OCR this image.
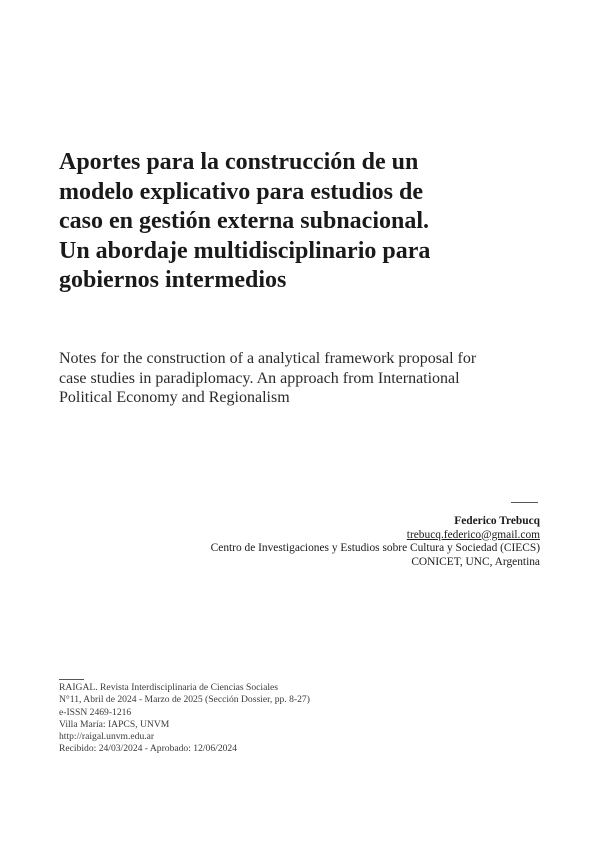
Aportes para la construcción de un
modelo explicativo para estudios de
caso en gestión externa subnacional.
Un abordaje multidisciplinario para
gobiernos intermedios
Notes for the construction of a analytical framework proposal for
case studies in paradiplomacy. An approach from International
Political Economy and Regionalism
Federico Trebucq
trebucq.federico@gmail.com
Centro de Investigaciones y Estudios sobre Cultura y Sociedad (CIECS)
CONICET, UNC, Argentina
RAIGAL. Revista Interdisciplinaria de Ciencias Sociales
N°11, Abril de 2024 - Marzo de 2025 (Sección Dossier, pp. 8-27)
e-ISSN 2469-1216
Villa María: IAPCS, UNVM
http://raigal.unvm.edu.ar
Recibido: 24/03/2024 - Aprobado: 12/06/2024
